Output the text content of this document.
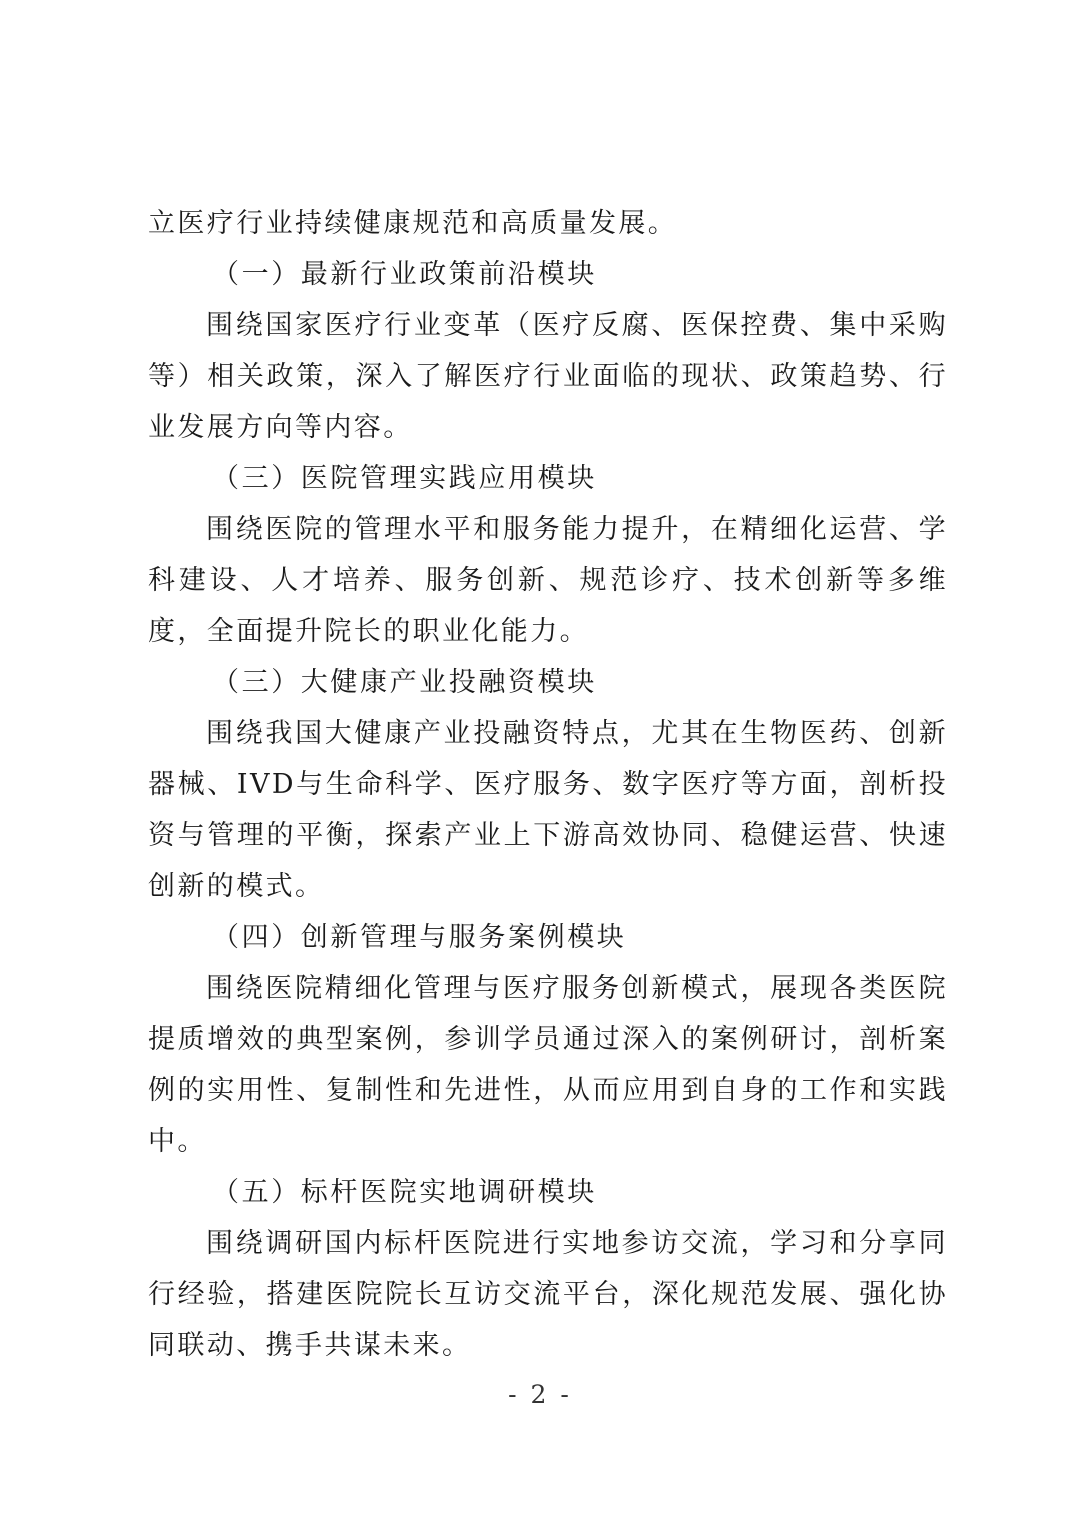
立医疗行业持续健康规范和高质量发展。

（一）最新行业政策前沿模块

围绕国家医疗行业变革（医疗反腐、医保控费、集中采购等）相关政策，深入了解医疗行业面临的现状、政策趋势、行业发展方向等内容。

（三）医院管理实践应用模块

围绕医院的管理水平和服务能力提升，在精细化运营、学科建设、人才培养、服务创新、规范诊疗、技术创新等多维度，全面提升院长的职业化能力。

（三）大健康产业投融资模块

围绕我国大健康产业投融资特点，尤其在生物医药、创新器械、IVD与生命科学、医疗服务、数字医疗等方面，剖析投资与管理的平衡，探索产业上下游高效协同、稳健运营、快速创新的模式。

（四）创新管理与服务案例模块

围绕医院精细化管理与医疗服务创新模式，展现各类医院提质增效的典型案例，参训学员通过深入的案例研讨，剖析案例的实用性、复制性和先进性，从而应用到自身的工作和实践中。

（五）标杆医院实地调研模块

围绕调研国内标杆医院进行实地参访交流，学习和分享同行经验，搭建医院院长互访交流平台，深化规范发展、强化协同联动、携手共谋未来。

- 2 -
